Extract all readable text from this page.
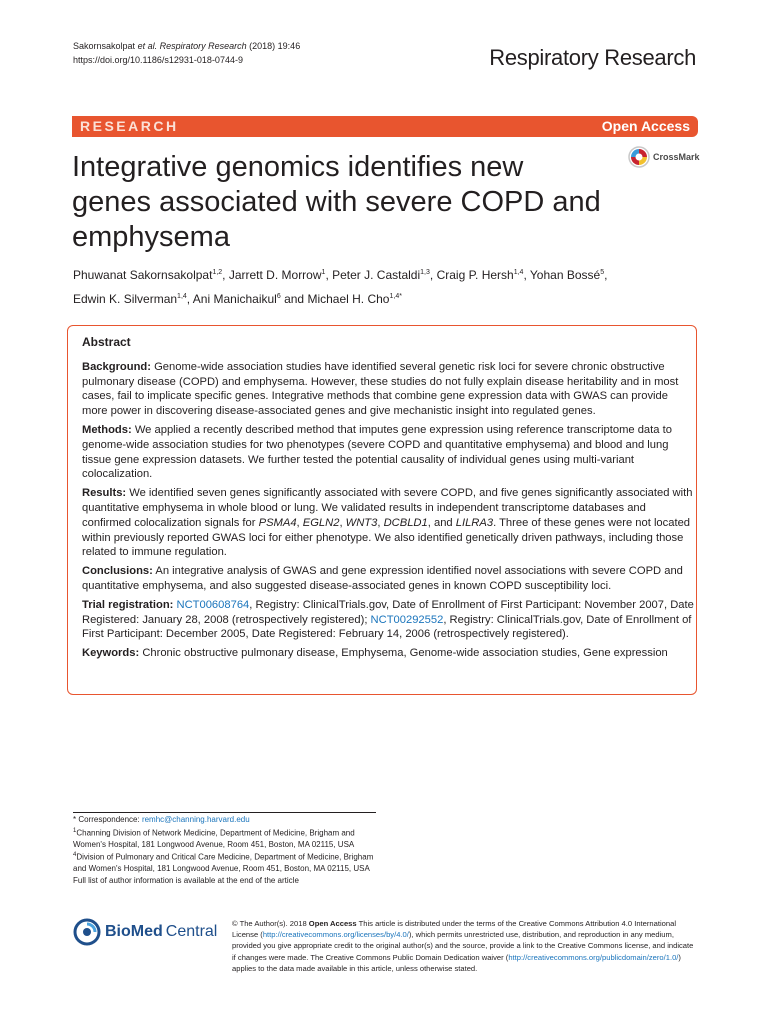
Sakornsakolpat et al. Respiratory Research (2018) 19:46
https://doi.org/10.1186/s12931-018-0744-9	Respiratory Research
RESEARCH	Open Access
Integrative genomics identifies new genes associated with severe COPD and emphysema
CrossMark
Phuwanat Sakornsakolpat$^{1,2}$, Jarrett D. Morrow$^1$, Peter J. Castaldi$^{1,3}$, Craig P. Hersh$^{1,4}$, Yohan Bossé$^5$,
Edwin K. Silverman$^{1,4}$, Ani Manichaikul$^6$ and Michael H. Cho$^{1,4*}$
Abstract

Background: Genome-wide association studies have identified several genetic risk loci for severe chronic obstructive pulmonary disease (COPD) and emphysema. However, these studies do not fully explain disease heritability and in most cases, fail to implicate specific genes. Integrative methods that combine gene expression data with GWAS can provide more power in discovering disease-associated genes and give mechanistic insight into regulated genes.

Methods: We applied a recently described method that imputes gene expression using reference transcriptome data to genome-wide association studies for two phenotypes (severe COPD and quantitative emphysema) and blood and lung tissue gene expression datasets. We further tested the potential causality of individual genes using multi-variant colocalization.

Results: We identified seven genes significantly associated with severe COPD, and five genes significantly associated with quantitative emphysema in whole blood or lung. We validated results in independent transcriptome databases and confirmed colocalization signals for PSMA4, EGLN2, WNT3, DCBLD1, and LILRA3. Three of these genes were not located within previously reported GWAS loci for either phenotype. We also identified genetically driven pathways, including those related to immune regulation.

Conclusions: An integrative analysis of GWAS and gene expression identified novel associations with severe COPD and quantitative emphysema, and also suggested disease-associated genes in known COPD susceptibility loci.

Trial registration: NCT00608764, Registry: ClinicalTrials.gov, Date of Enrollment of First Participant: November 2007, Date Registered: January 28, 2008 (retrospectively registered); NCT00292552, Registry: ClinicalTrials.gov, Date of Enrollment of First Participant: December 2005, Date Registered: February 14, 2006 (retrospectively registered).

Keywords: Chronic obstructive pulmonary disease, Emphysema, Genome-wide association studies, Gene expression

* Correspondence: remhc@channing.harvard.edu

$^1$Channing Division of Network Medicine, Department of Medicine, Brigham and Women's Hospital, 181 Longwood Avenue, Room 451, Boston, MA 02115, USA

$^4$Division of Pulmonary and Critical Care Medicine, Department of Medicine, Brigham and Women's Hospital, 181 Longwood Avenue, Room 451, Boston, MA 02115, USA

Full list of author information is available at the end of the article

BioMed Central © The Author(s). 2018 Open Access This article is distributed under the terms of the Creative Commons Attribution 4.0 International License (http://creativecommons.org/licenses/by/4.0/), which permits unrestricted use, distribution, and reproduction in any medium, provided you give appropriate credit to the original author(s) and the source, provide a link to the Creative Commons license, and indicate if changes were made. The Creative Commons Public Domain Dedication waiver (http://creativecommons.org/publicdomain/zero/1.0/) applies to the data made available in this article, unless otherwise stated.
